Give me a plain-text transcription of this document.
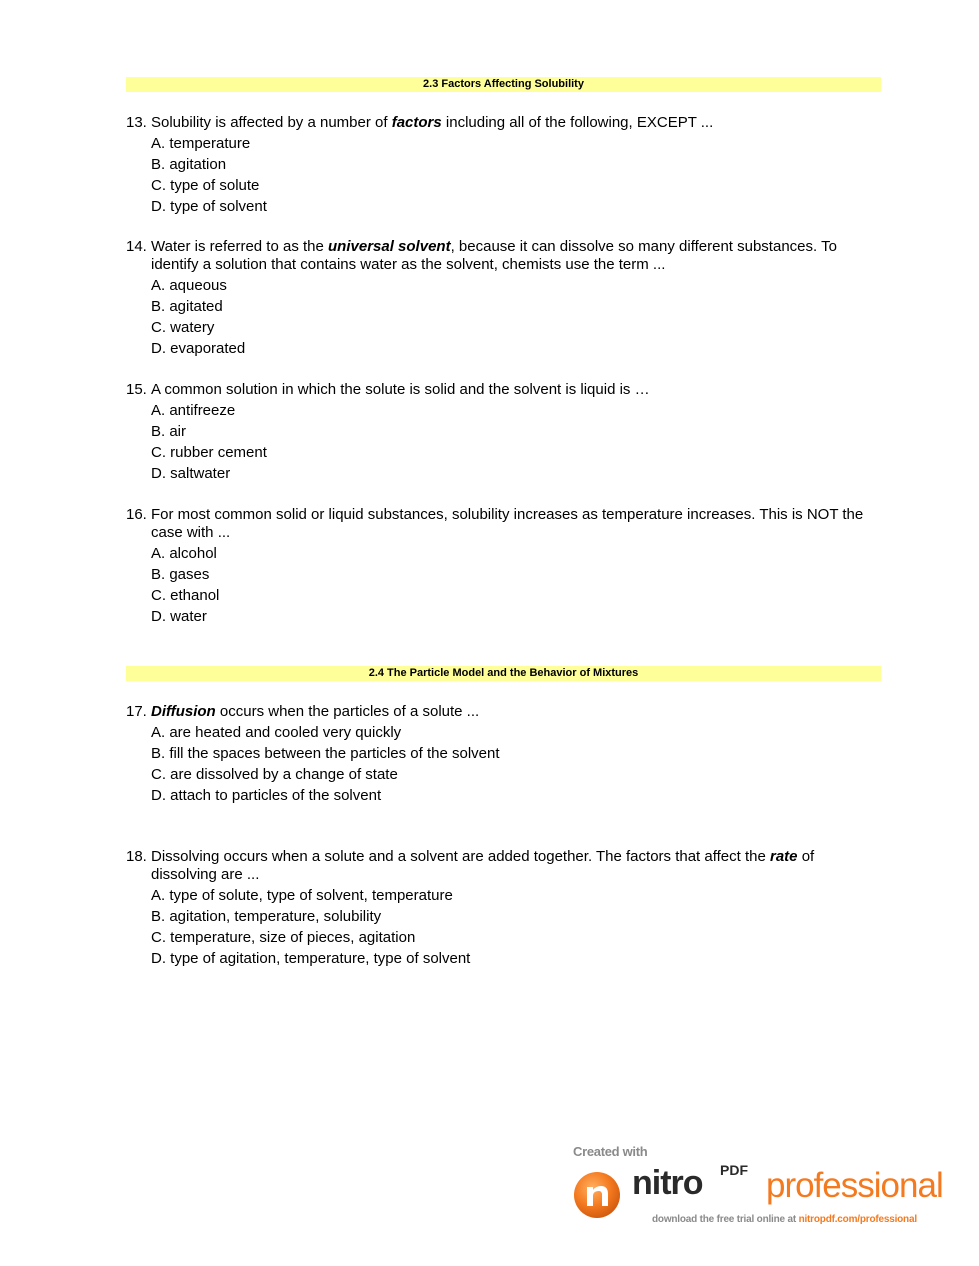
2.3 Factors Affecting Solubility
13. Solubility is affected by a number of factors including all of the following, EXCEPT ...
A. temperature
B. agitation
C. type of solute
D. type of solvent
14. Water is referred to as the universal solvent, because it can dissolve so many different substances. To identify a solution that contains water as the solvent, chemists use the term ...
A. aqueous
B. agitated
C. watery
D. evaporated
15. A common solution in which the solute is solid and the solvent is liquid is …
A. antifreeze
B. air
C. rubber cement
D. saltwater
16. For most common solid or liquid substances, solubility increases as temperature increases. This is NOT the case with ...
A. alcohol
B. gases
C. ethanol
D. water
2.4 The Particle Model and the Behavior of Mixtures
17. Diffusion occurs when the particles of a solute ...
A. are heated and cooled very quickly
B. fill the spaces between the particles of the solvent
C. are dissolved by a change of state
D. attach to particles of the solvent
18. Dissolving occurs when a solute and a solvent are added together. The factors that affect the rate of dissolving are ...
A. type of solute, type of solvent, temperature
B. agitation, temperature, solubility
C. temperature, size of pieces, agitation
D. type of agitation, temperature, type of solvent
Created with
nitro PDF professional
download the free trial online at nitropdf.com/professional
